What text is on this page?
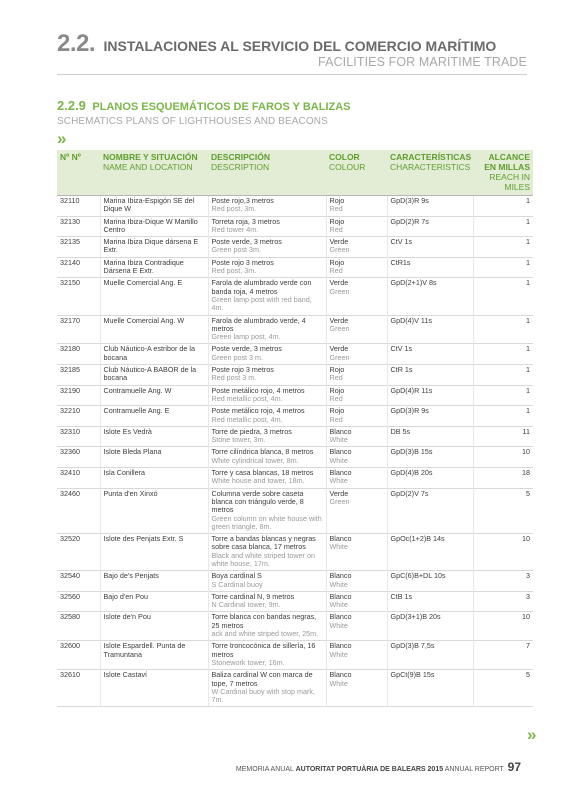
2.2. INSTALACIONES AL SERVICIO DEL COMERCIO MARÍTIMO
FACILITIES FOR MARITIME TRADE
2.2.9 PLANOS ESQUEMÁTICOS DE FAROS Y BALIZAS
SCHEMATICS PLANS OF LIGHTHOUSES AND BEACONS
»
Nº Nº	NOMBRE Y SITUACIÓN
NAME AND LOCATION	DESCRIPCIÓN
DESCRIPTION	COLOR
COLOUR	CARACTERÍSTICAS
CHARACTERISTICS	ALCANCE EN MILLAS
REACH IN MILES

32110	Marina Ibiza-Espigón SE del Dique W	Poste rojo,3 metros
Red post, 3m.	Rojo
Red	GpD(3)R 9s	1

32130	Marina Ibiza-Dique W Martillo Centro	Torreta roja, 3 metros
Red tower 4m.	Rojo
Red	GpD(2)R 7s	1

32135	Marina Ibiza Dique dársena E Extr.	Poste verde, 3 metros
Green post 3m.	Verde
Green	CtV 1s	1

32140	Marina Ibiza Contradique Dársena E Extr.	Poste rojo 3 metros
Red post, 3m.	Rojo
Red	CtR1s	1

32150	Muelle Comercial Ang. E	Farola de alumbrado verde con banda roja, 4 metros
Green lamp post with red band, 4m.	Verde
Green	GpD(2+1)V 8s	1

32170	Muelle Comercial Ang. W	Farola de alumbrado verde, 4 metros
Green lamp post, 4m.	Verde
Green	GpD(4)V 11s	1

32180	Club Náutico-A estribor de la bocana	Poste verde, 3 metros
Green post 3 m.	Verde
Green	CtV 1s	1

32185	Club Náutico-A BABOR de la bocana	Poste rojo 3 metros
Red post 3 m.	Rojo
Red	CtR 1s	1

32190	Contramuelle Ang. W	Poste metálico rojo, 4 metros
Red metallic post, 4m.	Rojo
Red	GpD(4)R 11s	1

32210	Contramuelle Ang. E	Poste metálico rojo, 4 metros
Red metallic post, 4m.	Rojo
Red	GpD(3)R 9s	1

32310	Islote Es Vedrà	Torre de piedra, 3 metros
Stone tower, 3m.	Blanco
White	DB 5s	11

32360	Islote Bleda Plana	Torre cilíndrica blanca, 8 metros
White cylindrical tower, 8m.	Blanco
White	GpD(3)B 15s	10

32410	Isla Conillera	Torre y casa blancas, 18 metros
White house and tower, 18m.	Blanco
White	GpD(4)B 20s	18

32460	Punta d'en Xinxó	Columna verde sobre caseta blanca con triángulo verde, 8 metros
Green column on white house with green triangle, 8m.	Verde
Green	GpD(2)V 7s	5

32520	Islote des Penjats Extr. S	Torre a bandas blancas y negras sobre casa blanca, 17 metros
Black and white striped tower on white house, 17m.	Blanco
White	GpOc(1+2)B 14s	10

32540	Bajo de's Penjats	Boya cardinal S
S Cardinal buoy	Blanco
White	GpC(6)B+DL 10s	3

32560	Bajo d'en Pou	Torre cardinal N, 9 metros
N Cardinal tower, 9m.	Blanco
White	CtB 1s	3

32580	Islote de'n Pou	Torre blanca con bandas negras, 25 metros
ack and white striped tower, 25m.	Blanco
White	GpD(3+1)B 20s	10

32600	Islote Espardell. Punta de Tramuntana	Torre troncocónica de sillería, 16 metros
Stonework tower, 16m.	Blanco
White	GpD(3)B 7,5s	7

32610	Islote Castaví	Baliza cardinal W con marca de tope, 7 metros
W Cardinal buoy with stop mark, 7m.	Blanco
White	GpCt(9)B 15s	5
»
MEMORIA ANUAL AUTORITAT PORTUÀRIA DE BALEARS 2015 ANNUAL REPORT 97
